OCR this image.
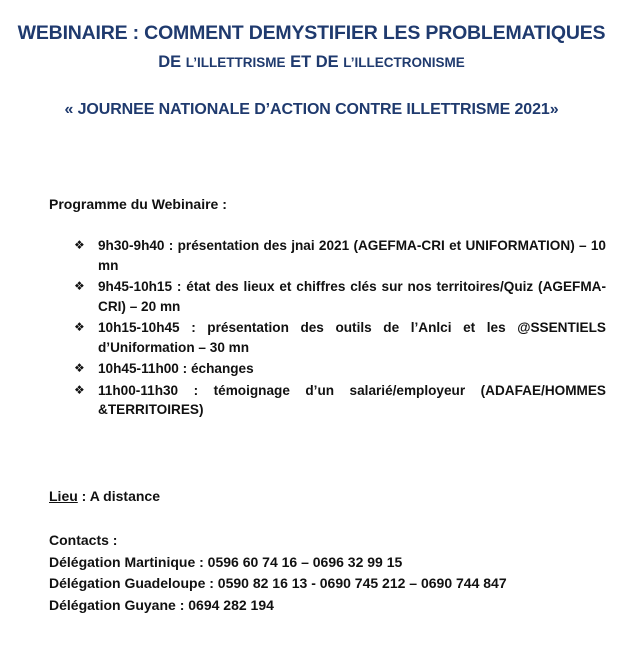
WEBINAIRE : COMMENT DEMYSTIFIER LES PROBLEMATIQUES
DE L’ILLETTRISME ET DE L’ILLECTRONISME
« JOURNEE NATIONALE D’ACTION CONTRE ILLETTRISME 2021»
Programme du Webinaire :
❖ 9h30-9h40 : présentation des jnai 2021 (AGEFMA-CRI et UNIFORMATION) – 10 mn
❖ 9h45-10h15 : état des lieux et chiffres clés sur nos territoires/Quiz (AGEFMA-CRI) – 20 mn
❖ 10h15-10h45 : présentation des outils de l’Anlci et les @SSENTIELS d’Uniformation – 30 mn
❖ 10h45-11h00 : échanges
❖ 11h00-11h30 : témoignage d’un salarié/employeur (ADAFAE/HOMMES &TERRITOIRES)
Lieu : A distance
Contacts :
Délégation Martinique : 0596 60 74 16 – 0696 32 99 15
Délégation Guadeloupe : 0590 82 16 13 - 0690 745 212 – 0690 744 847
Délégation Guyane : 0694 282 194
